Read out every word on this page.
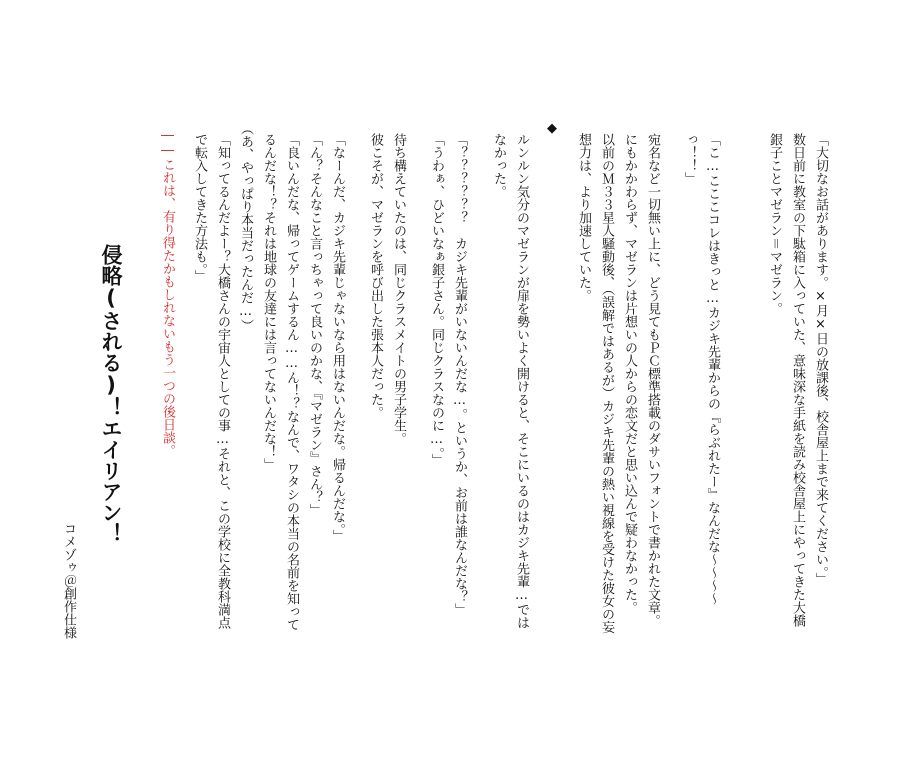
「大切なお話があります。×月×日の放課後、校舎屋上まで来てください。」
数日前に教室の下駄箱に入っていた、意味深な手紙を読み校舎屋上にやってきた大橋
銀子ことマゼラン＝マゼラン。
「こ…こここコレはきっと…カジキ先輩からの『らぶれたー』なんだな〜〜〜〜
っ！！」
宛名など一切無い上に、どう見てもＰＣ標準搭載のダサいフォントで書かれた文章。
にもかかわらず、マゼランは片想いの人からの恋文だと思い込んで疑わなかった。
以前のＭ３３星人騒動後、（誤解ではあるが）カジキ先輩の熱い視線を受けた彼女の妄
想力は、より加速していた。
◆
ルンルン気分のマゼランが扉を勢いよく開けると、そこにいるのはカジキ先輩…では
なかった。
「？？？？？？　カジキ先輩がいないんだな…。というか、お前は誰なんだな？」
「うわぁ、ひどいなぁ銀子さん。同じクラスなのに…。」
待ち構えていたのは、同じクラスメイトの男子学生。
彼こそが、マゼランを呼び出した張本人だった。
「なーんだ、カジキ先輩じゃないなら用はないんだな。帰るんだな。」
「ん？そんなこと言っちゃって良いのかな、『マゼラン』さん？」
「良いんだな、帰ってゲームするん……ん！？なんで、ワタシの本当の名前を知って
るんだな！？それは地球の友達には言ってないんだな！」
（あ、やっぱり本当だったんだ…）
「知ってるんだよー？大橋さんの宇宙人としての事…それと、この学校に全教科満点
で転入してきた方法も。」
――これは、有り得たかもしれないもう一つの後日談。
侵略(される)！エイリアン！
コメゾゥ＠創作仕様
